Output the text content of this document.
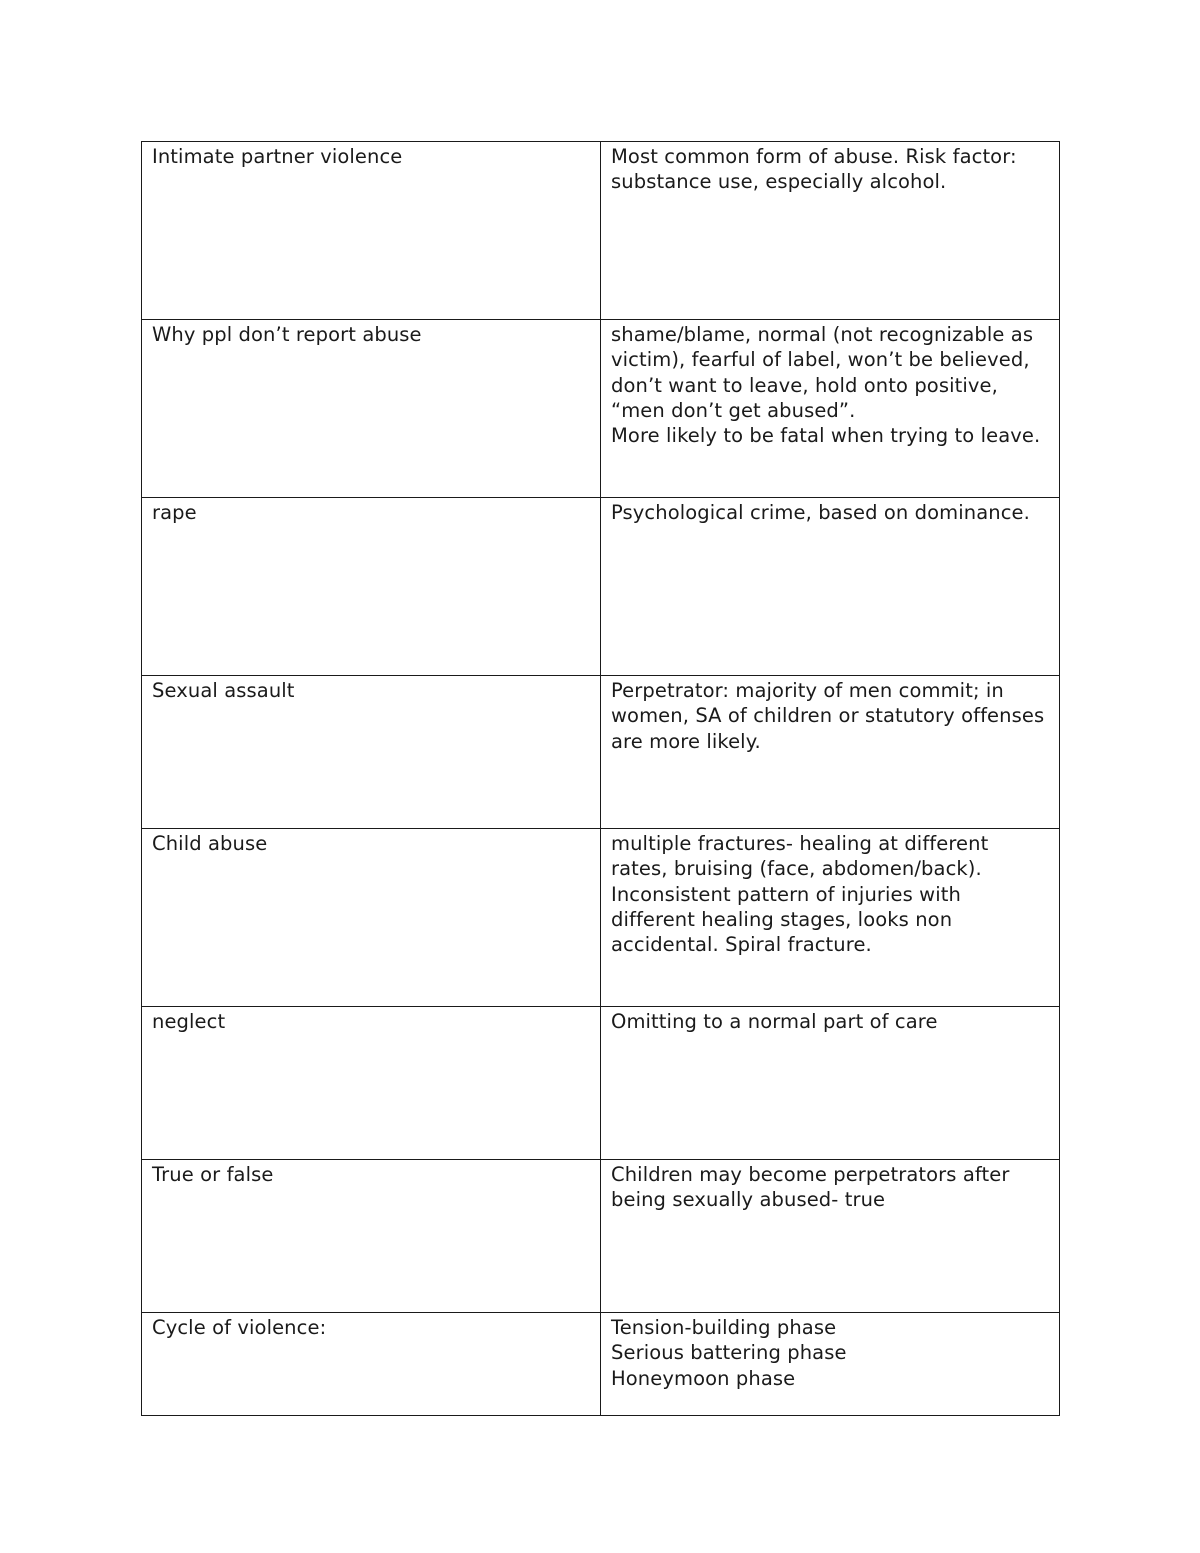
Intimate partner violence	Most common form of abuse. Risk factor: substance use, especially alcohol.
Why ppl don’t report abuse	shame/blame, normal (not recognizable as victim), fearful of label, won’t be believed, don’t want to leave, hold onto positive, “men don’t get abused”.
More likely to be fatal when trying to leave.
rape	Psychological crime, based on dominance.
Sexual assault	Perpetrator: majority of men commit; in women, SA of children or statutory offenses are more likely.
Child abuse	multiple fractures- healing at different rates, bruising (face, abdomen/back). Inconsistent pattern of injuries with different healing stages, looks non accidental. Spiral fracture.
neglect	Omitting to a normal part of care
True or false	Children may become perpetrators after being sexually abused- true
Cycle of violence:	Tension-building phase
Serious battering phase
Honeymoon phase
